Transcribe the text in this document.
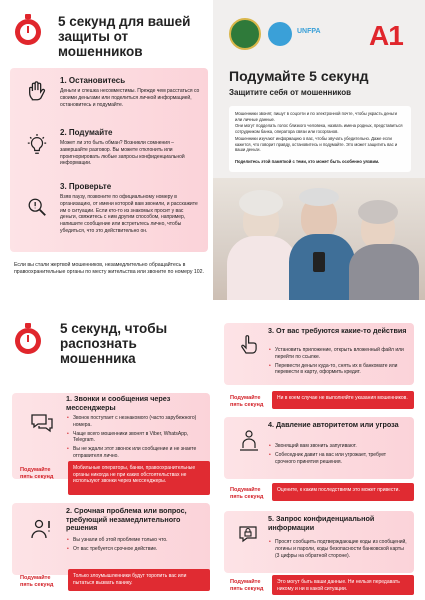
5 секунд для вашей защиты от мошенников
1. Остановитесь
Деньги и спешка несовместимы. Прежде чем расстаться со своими деньгами или поделиться личной информацией, остановитесь и подумайте.
2. Подумайте
Может ли это быть обман? Возникли сомнения – завершайте разговор. Вы можете отклонить или проигнорировать любые запросы конфиденциальной информации.
3. Проверьте
Взяв паузу, позвоните по официальному номеру в организацию, от имени которой вам звонили, и расскажите им о ситуации. Если кто-то из знакомых просит у вас деньги, свяжитесь с ним другим способом, например, напишите сообщение или встретьтесь лично, чтобы убедиться, что это действительно он.
Если вы стали жертвой мошенников, незамедлительно обращайтесь в правоохранительные органы по месту жительства или звоните по номеру 102.
UNFPA A1
Подумайте 5 секунд
Защитите себя от мошенников
Мошенники звонят, пишут в соцсети и по электронной почте, чтобы украсть деньги или личные данные.
Они могут подделать голос близкого человека, назвать имена родных, представиться сотрудником банка, оператора связи или госорганов.
Мошенники изучают информацию о вас, чтобы звучать убедительно. Даже если кажется, что говорит правду, остановитесь и подумайте. Это может защитить вас и ваши деньги.
Поделитесь этой памяткой с теми, кто может быть особенно уязвим.
5 секунд, чтобы распознать мошенника
1. Звонки и сообщения через мессенджеры
• Звонок поступает с незнакомого (часто зарубежного) номера.
• Чаще всего мошенники звонят в Viber, WhatsApp, Telegram.
• Вы не ждали этот звонок или сообщение и не знаете отправителя лично.
Подумайте пять секунд
Мобильные операторы, банки, правоохранительные органы никогда не при каких обстоятельствах не используют звонки через мессенджеры.
2. Срочная проблема или вопрос, требующий незамедлительного решения
• Вы узнали об этой проблеме только что.
• От вас требуется срочное действие.
Подумайте пять секунд
Только злоумышленники будут торопить вас или пытаться вызвать панику.
3. От вас требуются какие-то действия
• Установить приложение, открыть вложенный файл или перейти по ссылке.
• Перевести деньги куда-то, снять их в банкомате или перевести в карту, оформить кредит.
Подумайте пять секунд
Ни в коем случае не выполняйте указания мошенников.
4. Давление авторитетом или угроза
• Звонящий вам звонить запугивают.
• Собеседник давит на вас или угрожает, требует срочного принятия решения.
Подумайте пять секунд
Оцените, к каким последствиям это может привести.
5. Запрос конфиденциальной информации
• Просят сообщить подтверждающие коды из сообщений, логины и пароли, коды безопасности банковской карты (3 цифры на обратной стороне).
Подумайте пять секунд
Это могут быть ваши данные. Ни нельзя передавать никому и ни в какой ситуации.
